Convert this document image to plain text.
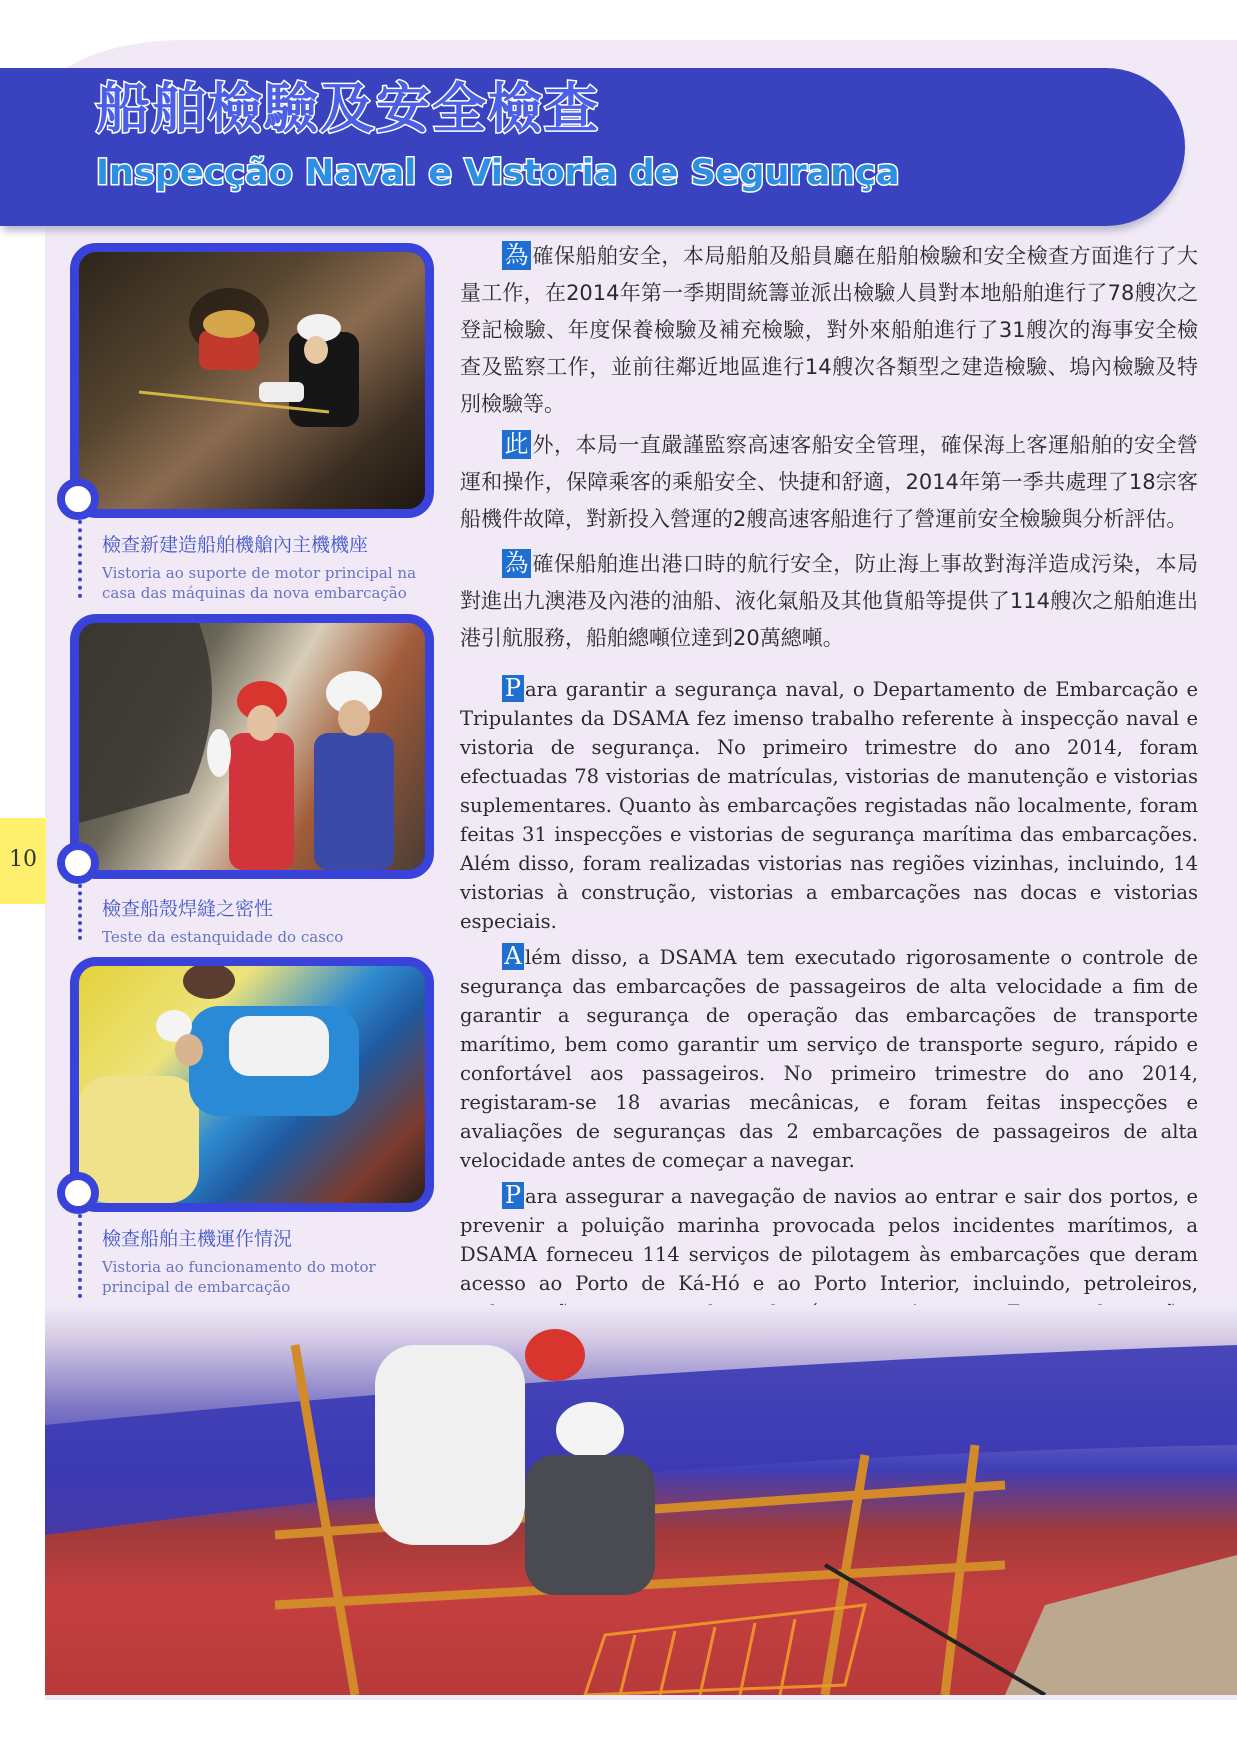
船舶檢驗及安全檢查
Inspecção Naval e Vistoria de Segurança
檢查新建造船舶機艙內主機機座
Vistoria ao suporte de motor principal na casa das máquinas da nova embarcação
檢查船殼焊縫之密性
Teste da estanquidade do casco
檢查船舶主機運作情況
Vistoria ao funcionamento do motor principal de embarcação
10

為 確保船舶安全，本局船舶及船員廳在船舶檢驗和安全檢查方面進行了大量工作，在2014年第一季期間統籌並派出檢驗人員對本地船舶進行了78艘次之登記檢驗、年度保養檢驗及補充檢驗，對外來船舶進行了31艘次的海事安全檢查及監察工作，並前往鄰近地區進行14艘次各類型之建造檢驗、塢內檢驗及特別檢驗等。

此 外，本局一直嚴謹監察高速客船安全管理，確保海上客運船舶的安全營運和操作，保障乘客的乘船安全、快捷和舒適，2014年第一季共處理了18宗客船機件故障，對新投入營運的2艘高速客船進行了營運前安全檢驗與分析評估。

為 確保船舶進出港口時的航行安全，防止海上事故對海洋造成污染，本局對進出九澳港及內港的油船、液化氣船及其他貨船等提供了114艘次之船舶進出港引航服務，船舶總噸位達到20萬總噸。

P ara garantir a segurança naval, o Departamento de Embarcação e Tripulantes da DSAMA fez imenso trabalho referente à inspecção naval e vistoria de segurança. No primeiro trimestre do ano 2014, foram efectuadas 78 vistorias de matrículas, vistorias de manutenção e vistorias suplementares. Quanto às embarcações registadas não localmente, foram feitas 31 inspecções e vistorias de segurança marítima das embarcações. Além disso, foram realizadas vistorias nas regiões vizinhas, incluindo, 14 vistorias à construção, vistorias a embarcações nas docas e vistorias especiais.

A lém disso, a DSAMA tem executado rigorosamente o controle de segurança das embarcações de passageiros de alta velocidade a fim de garantir a segurança de operação das embarcações de transporte marítimo, bem como garantir um serviço de transporte seguro, rápido e confortável aos passageiros. No primeiro trimestre do ano 2014, registaram-se 18 avarias mecânicas, e foram feitas inspecções e avaliações de seguranças das 2 embarcações de passageiros de alta velocidade antes de começar a navegar.

P ara assegurar a navegação de navios ao entrar e sair dos portos, e prevenir a poluição marinha provocada pelos incidentes marítimos, a DSAMA forneceu 114 serviços de pilotagem às embarcações que deram acesso ao Porto de Ká-Hó e ao Porto Interior, incluindo, petroleiros,
